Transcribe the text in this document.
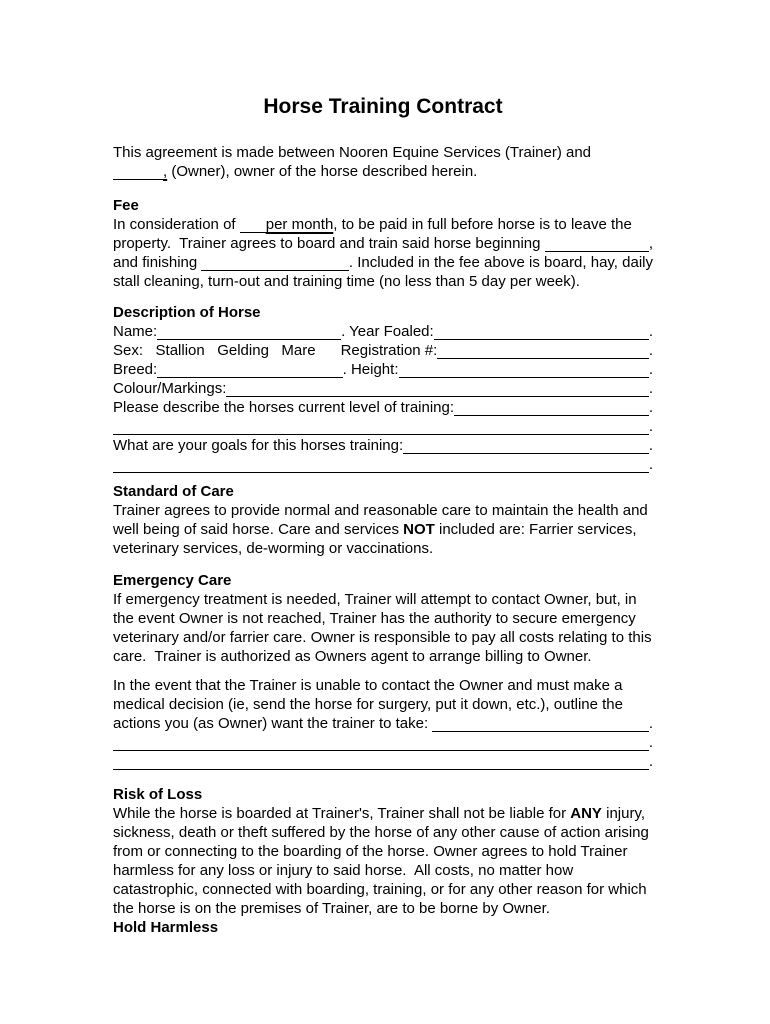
Horse Training Contract
This agreement is made between Nooren Equine Services (Trainer) and
, (Owner), owner of the horse described herein.
Fee
In consideration of per month , to be paid in full before horse is to leave the
property.  Trainer agrees to board and train said horse beginning	,
and finishing	. Included in the fee above is board, hay, daily
stall cleaning, turn-out and training time (no less than 5 day per week).
Description of Horse
Name:	. Year Foaled:	.
Sex:   Stallion   Gelding   Mare      Registration #:	.
Breed:	. Height:	.
Colour/Markings:	.
Please describe the horses current level of training:	.
.
What are your goals for this horses training:	.
.
Standard of Care
Trainer agrees to provide normal and reasonable care to maintain the health and
well being of said horse. Care and services NOT included are: Farrier services,
veterinary services, de-worming or vaccinations.
Emergency Care
If emergency treatment is needed, Trainer will attempt to contact Owner, but, in
the event Owner is not reached, Trainer has the authority to secure emergency
veterinary and/or farrier care. Owner is responsible to pay all costs relating to this
care.  Trainer is authorized as Owners agent to arrange billing to Owner.
In the event that the Trainer is unable to contact the Owner and must make a
medical decision (ie, send the horse for surgery, put it down, etc.), outline the
actions you (as Owner) want the trainer to take:	.
.
.
Risk of Loss
While the horse is boarded at Trainer's, Trainer shall not be liable for ANY injury,
sickness, death or theft suffered by the horse of any other cause of action arising
from or connecting to the boarding of the horse. Owner agrees to hold Trainer
harmless for any loss or injury to said horse.  All costs, no matter how
catastrophic, connected with boarding, training, or for any other reason for which
the horse is on the premises of Trainer, are to be borne by Owner.
Hold Harmless
